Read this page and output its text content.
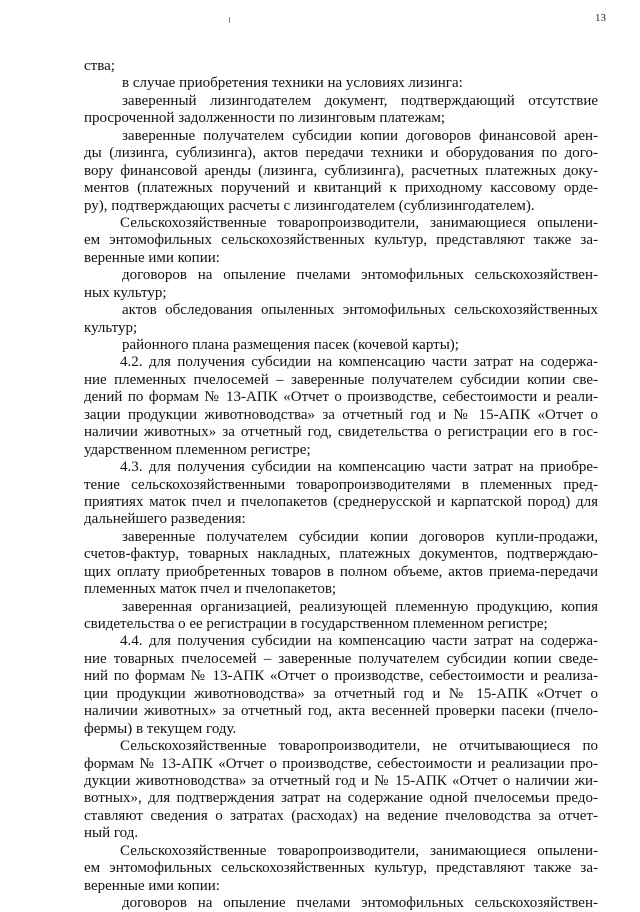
13
ства;
в случае приобретения техники на условиях лизинга:
заверенный лизингодателем документ, подтверждающий отсутствие
просроченной задолженности по лизинговым платежам;
заверенные получателем субсидии копии договоров финансовой арен-
ды (лизинга, сублизинга), актов передачи техники и оборудования по дого-
вору финансовой аренды (лизинга, сублизинга), расчетных платежных доку-
ментов (платежных поручений и квитанций к приходному кассовому орде-
ру), подтверждающих расчеты с лизингодателем (сублизингодателем).
Сельскохозяйственные товаропроизводители, занимающиеся опылени-
ем энтомофильных сельскохозяйственных культур, представляют также за-
веренные ими копии:
договоров на опыление пчелами энтомофильных сельскохозяйствен-
ных культур;
актов обследования опыленных энтомофильных сельскохозяйственных
культур;
районного плана размещения пасек (кочевой карты);
4.2. для получения субсидии на компенсацию части затрат на содержа-
ние племенных пчелосемей – заверенные получателем субсидии копии све-
дений по формам № 13-АПК «Отчет о производстве, себестоимости и реали-
зации продукции животноводства» за отчетный год и № 15-АПК «Отчет о
наличии животных» за отчетный год, свидетельства о регистрации его в гос-
ударственном племенном регистре;
4.3. для получения субсидии на компенсацию части затрат на приобре-
тение сельскохозяйственными товаропроизводителями в племенных пред-
приятиях маток пчел и пчелопакетов (среднерусской и карпатской пород) для
дальнейшего разведения:
заверенные получателем субсидии копии договоров купли-продажи,
счетов-фактур, товарных накладных, платежных документов, подтверждаю-
щих оплату приобретенных товаров в полном объеме, актов приема-передачи
племенных маток пчел и пчелопакетов;
заверенная организацией, реализующей племенную продукцию, копия
свидетельства о ее регистрации в государственном племенном регистре;
4.4. для получения субсидии на компенсацию части затрат на содержа-
ние товарных пчелосемей – заверенные получателем субсидии копии сведе-
ний по формам № 13-АПК «Отчет о производстве, себестоимости и реализа-
ции продукции животноводства» за отчетный год и № 15-АПК «Отчет о
наличии животных» за отчетный год, акта весенней проверки пасеки (пчело-
фермы) в текущем году.
Сельскохозяйственные товаропроизводители, не отчитывающиеся по
формам № 13-АПК «Отчет о производстве, себестоимости и реализации про-
дукции животноводства» за отчетный год и № 15-АПК «Отчет о наличии жи-
вотных», для подтверждения затрат на содержание одной пчелосемьи предо-
ставляют сведения о затратах (расходах) на ведение пчеловодства за отчет-
ный год.
Сельскохозяйственные товаропроизводители, занимающиеся опылени-
ем энтомофильных сельскохозяйственных культур, представляют также за-
веренные ими копии:
договоров на опыление пчелами энтомофильных сельскохозяйствен-
